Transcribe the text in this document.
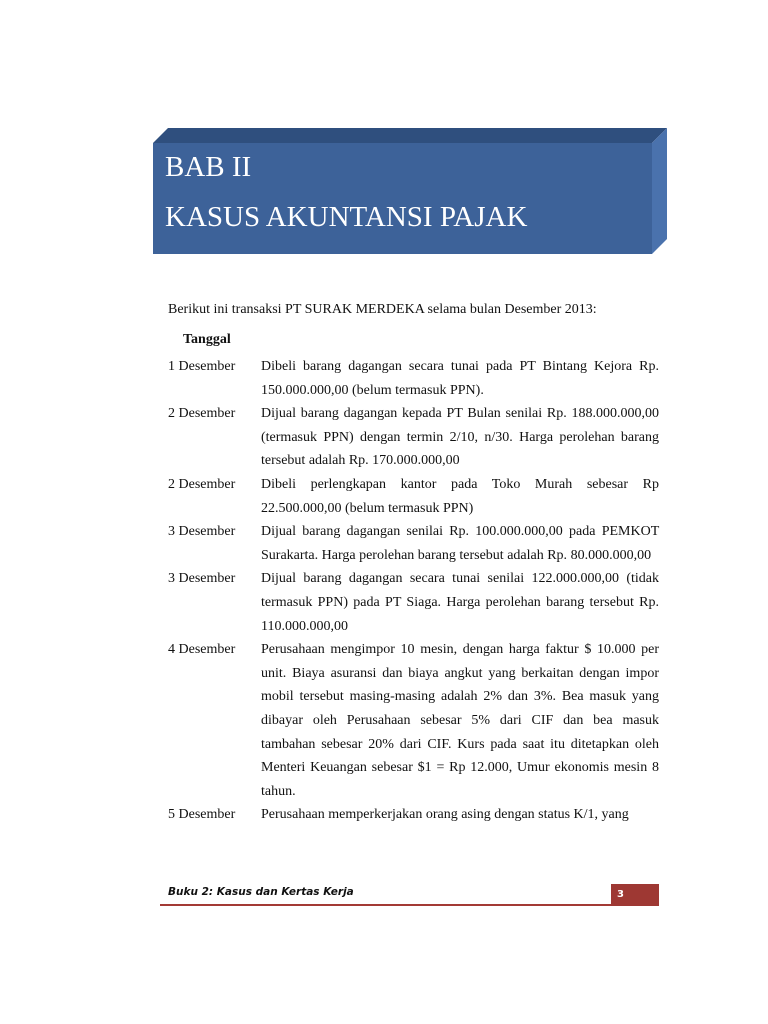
BAB II
KASUS AKUNTANSI PAJAK
Berikut ini transaksi PT SURAK MERDEKA selama bulan Desember 2013:
Tanggal
1 Desember	Dibeli barang dagangan secara tunai pada PT Bintang Kejora Rp. 150.000.000,00 (belum termasuk PPN).
2 Desember	Dijual barang dagangan kepada PT Bulan senilai Rp. 188.000.000,00 (termasuk PPN) dengan termin 2/10, n/30. Harga perolehan barang tersebut adalah Rp. 170.000.000,00
2 Desember	Dibeli perlengkapan kantor pada Toko Murah sebesar Rp 22.500.000,00 (belum termasuk PPN)
3 Desember	Dijual barang dagangan senilai Rp. 100.000.000,00 pada PEMKOT Surakarta. Harga perolehan barang tersebut adalah Rp. 80.000.000,00
3 Desember	Dijual barang dagangan secara tunai senilai 122.000.000,00 (tidak termasuk PPN) pada PT Siaga. Harga perolehan barang tersebut Rp. 110.000.000,00
4 Desember	Perusahaan mengimpor 10 mesin, dengan harga faktur $ 10.000 per unit. Biaya asuransi dan biaya angkut yang berkaitan dengan impor mobil tersebut masing-masing adalah 2% dan 3%. Bea masuk yang dibayar oleh Perusahaan sebesar 5% dari CIF dan bea masuk tambahan sebesar 20% dari CIF. Kurs pada saat itu ditetapkan oleh Menteri Keuangan sebesar $1 = Rp 12.000, Umur ekonomis mesin 8 tahun.
5 Desember	Perusahaan memperkerjakan orang asing dengan status K/1, yang
Buku 2: Kasus dan Kertas Kerja	3
